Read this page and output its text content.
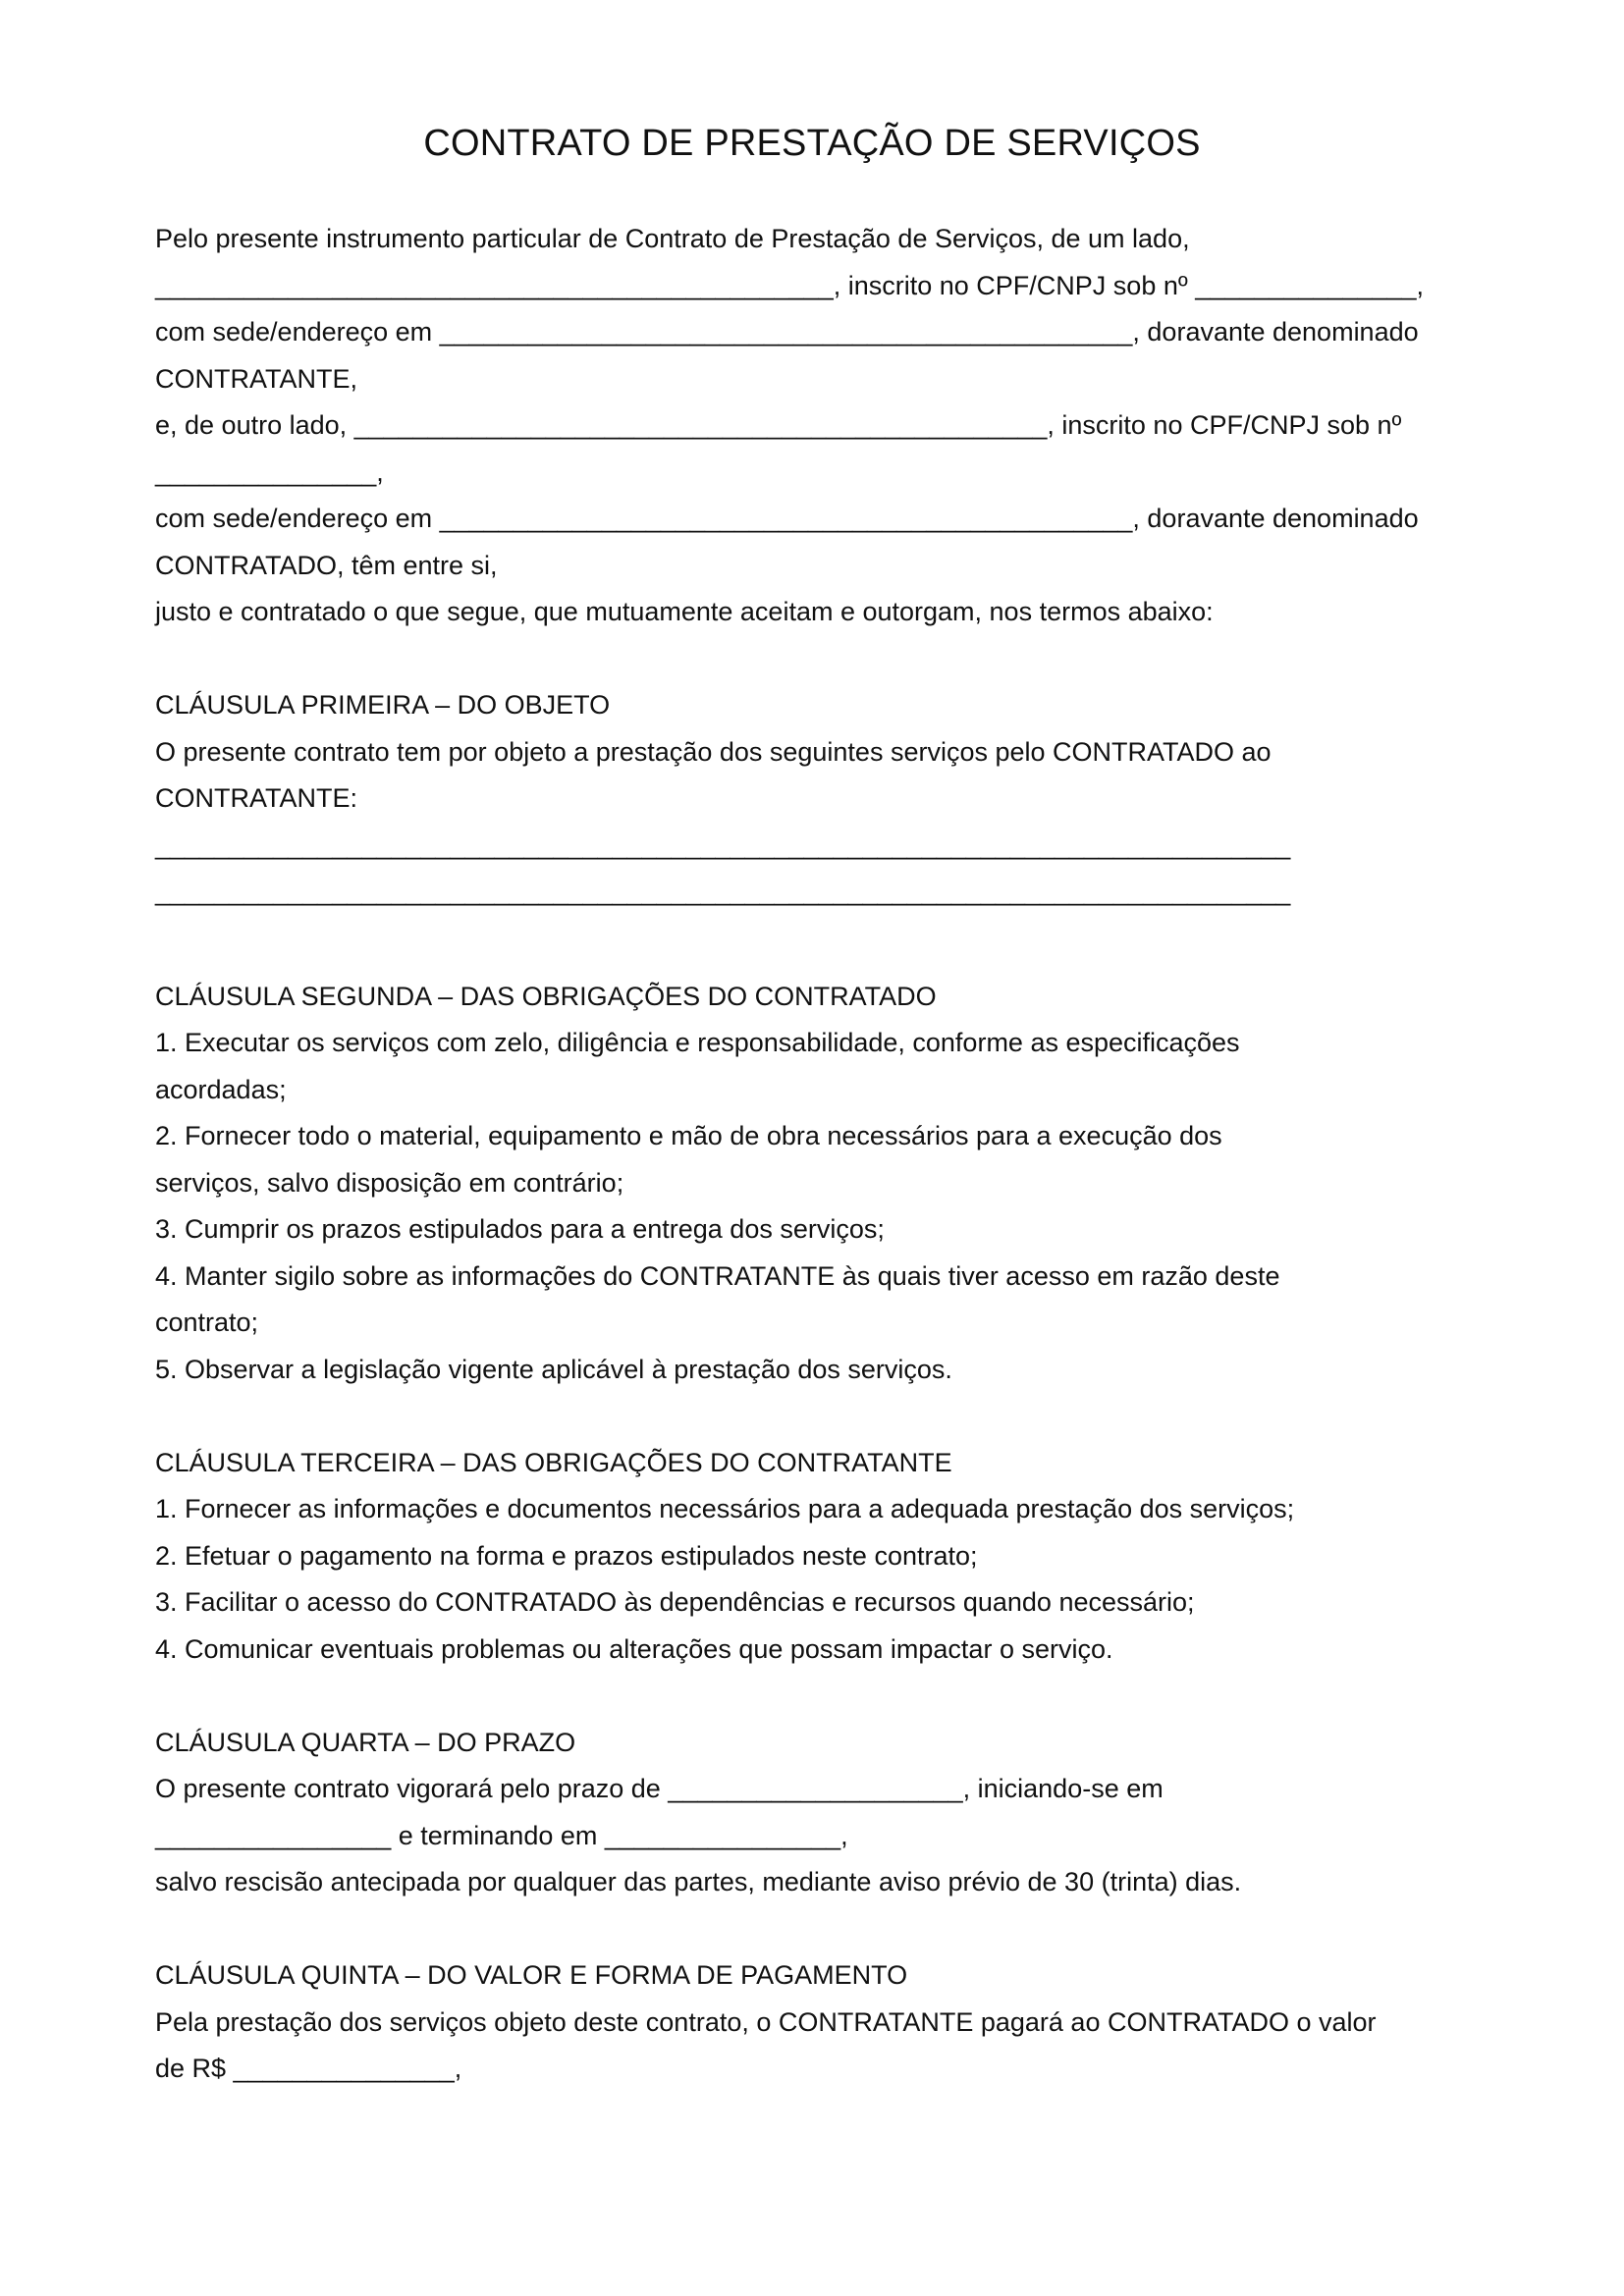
CONTRATO DE PRESTAÇÃO DE SERVIÇOS
Pelo presente instrumento particular de Contrato de Prestação de Serviços, de um lado,
______________________________________________, inscrito no CPF/CNPJ sob nº _______________,
com sede/endereço em _______________________________________________, doravante denominado
CONTRATANTE,
e, de outro lado, _______________________________________________, inscrito no CPF/CNPJ sob nº
_______________,
com sede/endereço em _______________________________________________, doravante denominado
CONTRATADO, têm entre si,
justo e contratado o que segue, que mutuamente aceitam e outorgam, nos termos abaixo:
CLÁUSULA PRIMEIRA – DO OBJETO
O presente contrato tem por objeto a prestação dos seguintes serviços pelo CONTRATADO ao
CONTRATANTE:
_____________________________________________________________________________
_____________________________________________________________________________
CLÁUSULA SEGUNDA – DAS OBRIGAÇÕES DO CONTRATADO
1. Executar os serviços com zelo, diligência e responsabilidade, conforme as especificações
acordadas;
2. Fornecer todo o material, equipamento e mão de obra necessários para a execução dos
serviços, salvo disposição em contrário;
3. Cumprir os prazos estipulados para a entrega dos serviços;
4. Manter sigilo sobre as informações do CONTRATANTE às quais tiver acesso em razão deste
contrato;
5. Observar a legislação vigente aplicável à prestação dos serviços.
CLÁUSULA TERCEIRA – DAS OBRIGAÇÕES DO CONTRATANTE
1. Fornecer as informações e documentos necessários para a adequada prestação dos serviços;
2. Efetuar o pagamento na forma e prazos estipulados neste contrato;
3. Facilitar o acesso do CONTRATADO às dependências e recursos quando necessário;
4. Comunicar eventuais problemas ou alterações que possam impactar o serviço.
CLÁUSULA QUARTA – DO PRAZO
O presente contrato vigorará pelo prazo de ____________________, iniciando-se em
________________ e terminando em ________________,
salvo rescisão antecipada por qualquer das partes, mediante aviso prévio de 30 (trinta) dias.
CLÁUSULA QUINTA – DO VALOR E FORMA DE PAGAMENTO
Pela prestação dos serviços objeto deste contrato, o CONTRATANTE pagará ao CONTRATADO o valor
de R$ _______________,
